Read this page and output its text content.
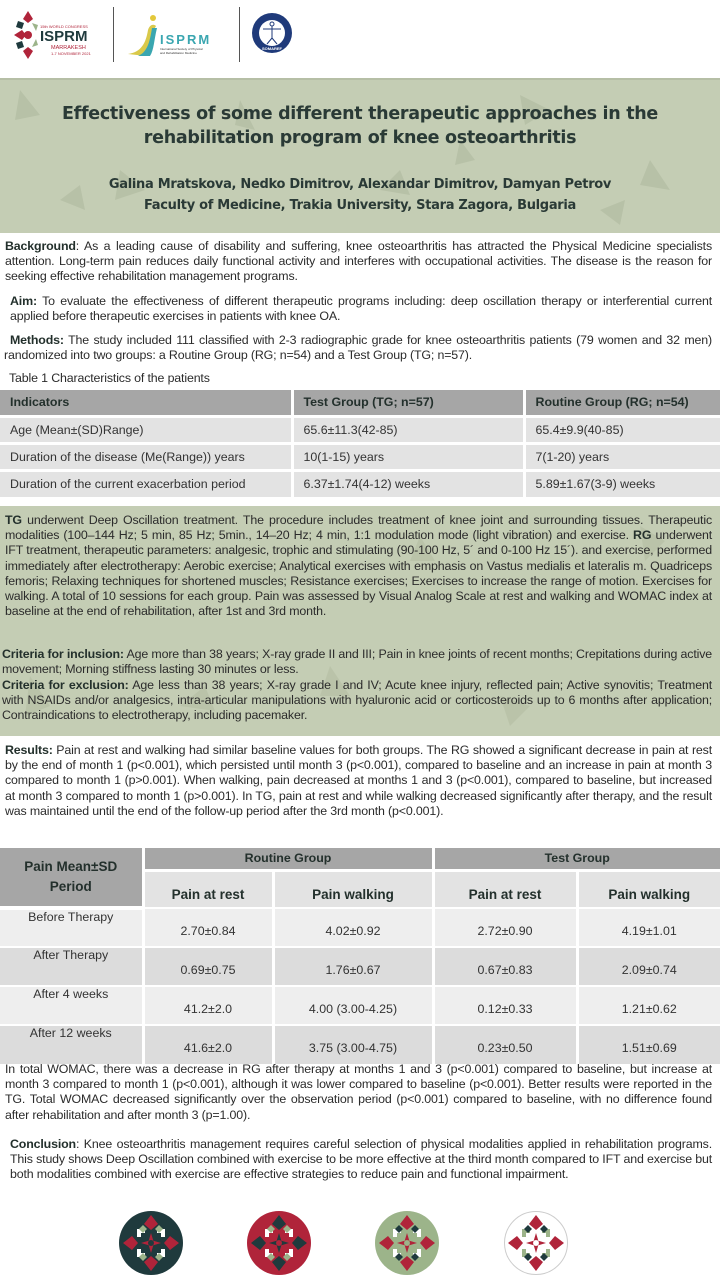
15th WORLD CONGRESS
ISPRM
MARRAKESH
1-7 NOVEMBER 2021
ISPRM
International Society of Physical
and Rehabilitation Medicine
SOMAREF
Effectiveness of some different therapeutic approaches in the
rehabilitation program of knee osteoarthritis
Galina Mratskova, Nedko Dimitrov, Alexandar Dimitrov, Damyan Petrov
Faculty of Medicine, Trakia University, Stara Zagora, Bulgaria
Background: As a leading cause of disability and suffering, knee osteoarthritis has attracted the Physical Medicine specialists attention. Long-term pain reduces daily functional activity and interferes with occupational activities. The disease is the reason for seeking effective rehabilitation management programs.
Aim: To evaluate the effectiveness of different therapeutic programs including: deep oscillation therapy or interferential current applied before therapeutic exercises in patients with knee OA.
Methods: The study included 111 classified with 2-3 radiographic grade for knee osteoarthritis patients (79 women and 32 men) randomized into two groups: a Routine Group (RG; n=54) and a Test Group (TG; n=57).
Table 1 Characteristics of the patients
Indicators	Test Group (TG; n=57)	Routine Group (RG; n=54)
Age (Mean±(SD)Range)	65.6±11.3(42-85)	65.4±9.9(40-85)
Duration of the disease (Me(Range)) years	10(1-15) years	7(1-20) years
Duration of the current exacerbation period	6.37±1.74(4-12) weeks	5.89±1.67(3-9) weeks
TG underwent Deep Oscillation treatment. The procedure includes treatment of knee joint and surrounding tissues. Therapeutic modalities (100–144 Hz; 5 min, 85 Hz; 5min., 14–20 Hz; 4 min, 1:1 modulation mode (light vibration) and exercise. RG underwent IFT treatment, therapeutic parameters: analgesic, trophic and stimulating (90-100 Hz, 5´ and 0-100 Hz 15´). and exercise, performed immediately after electrotherapy: Aerobic exercise; Analytical exercises with emphasis on Vastus medialis et lateralis m. Quadriceps femoris; Relaxing techniques for shortened muscles; Resistance exercises; Exercises to increase the range of motion. Exercises for walking. A total of 10 sessions for each group. Pain was assessed by Visual Analog Scale at rest and walking and WOMAC index at baseline at the end of rehabilitation, after 1st and 3rd month.
Criteria for inclusion: Age more than 38 years; X-ray grade II and III; Pain in knee joints of recent months; Crepitations during active movement; Morning stiffness lasting 30 minutes or less.
Criteria for exclusion: Age less than 38 years; X-ray grade I and IV; Acute knee injury, reflected pain; Active synovitis; Treatment with NSAIDs and/or analgesics, intra-articular manipulations with hyaluronic acid or corticosteroids up to 6 months after application; Contraindications to electrotherapy, including pacemaker.
Results: Pain at rest and walking had similar baseline values for both groups. The RG showed a significant decrease in pain at rest by the end of month 1 (p<0.001), which persisted until month 3 (p<0.001), compared to baseline and an increase in pain at month 3 compared to month 1 (p>0.001). When walking, pain decreased at months 1 and 3 (p<0.001), compared to baseline, but increased at month 3 compared to month 1 (p>0.001). In TG, pain at rest and while walking decreased significantly after therapy, and the result was maintained until the end of the follow-up period after the 3rd month (p<0.001).
Pain Mean±SD
Period	Routine Group		Test Group	
	Pain at rest	Pain walking	Pain at rest	Pain walking
Before Therapy	2.70±0.84	4.02±0.92	2.72±0.90	4.19±1.01
After Therapy	0.69±0.75	1.76±0.67	0.67±0.83	2.09±0.74
After 4 weeks	41.2±2.0	4.00 (3.00-4.25)	0.12±0.33	1.21±0.62
After 12 weeks	41.6±2.0	3.75 (3.00-4.75)	0.23±0.50	1.51±0.69
In total WOMAC, there was a decrease in RG after therapy at months 1 and 3 (p<0.001) compared to baseline, but increase at month 3 compared to month 1 (p<0.001), although it was lower compared to baseline (p<0.001). Better results were reported in the TG. Total WOMAC decreased significantly over the observation period (p<0.001) compared to baseline, with no difference found after rehabilitation and after month 3 (p=1.00).
Conclusion: Knee osteoarthritis management requires careful selection of physical modalities applied in rehabilitation programs. This study shows Deep Oscillation combined with exercise to be more effective at the third month compared to IFT and exercise but both modalities combined with exercise are effective strategies to reduce pain and functional impairment.
